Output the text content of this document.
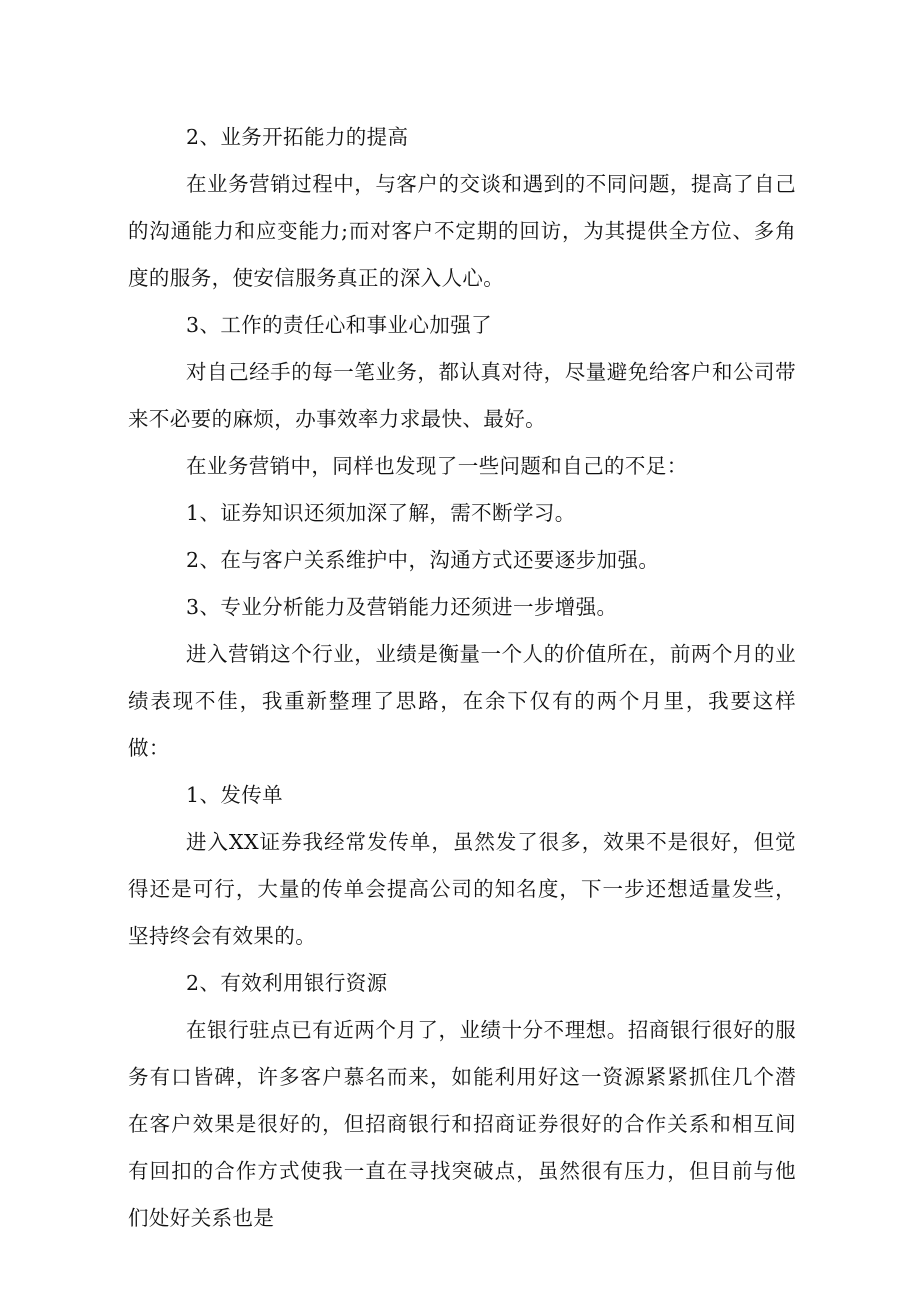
2、业务开拓能力的提高

在业务营销过程中，与客户的交谈和遇到的不同问题，提高了自己的沟通能力和应变能力;而对客户不定期的回访，为其提供全方位、多角度的服务，使安信服务真正的深入人心。

3、工作的责任心和事业心加强了

对自己经手的每一笔业务，都认真对待，尽量避免给客户和公司带来不必要的麻烦，办事效率力求最快、最好。

在业务营销中，同样也发现了一些问题和自己的不足：

1、证券知识还须加深了解，需不断学习。

2、在与客户关系维护中，沟通方式还要逐步加强。

3、专业分析能力及营销能力还须进一步增强。

进入营销这个行业，业绩是衡量一个人的价值所在，前两个月的业绩表现不佳，我重新整理了思路，在余下仅有的两个月里，我要这样做：

1、发传单

进入XX证券我经常发传单，虽然发了很多，效果不是很好，但觉得还是可行，大量的传单会提高公司的知名度，下一步还想适量发些，坚持终会有效果的。

2、有效利用银行资源

在银行驻点已有近两个月了，业绩十分不理想。招商银行很好的服务有口皆碑，许多客户慕名而来，如能利用好这一资源紧紧抓住几个潜在客户效果是很好的，但招商银行和招商证券很好的合作关系和相互间有回扣的合作方式使我一直在寻找突破点，虽然很有压力，但目前与他们处好关系也是
